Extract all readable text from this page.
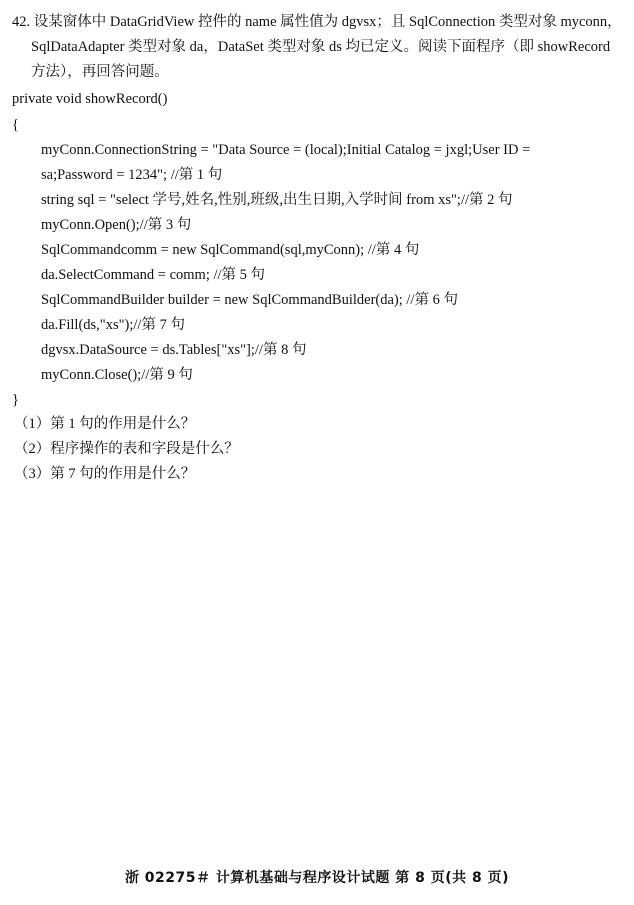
42. 设某窗体中 DataGridView 控件的 name 属性值为 dgvsx；且 SqlConnection 类型对象 myconn，
SqlDataAdapter 类型对象 da，DataSet 类型对象 ds 均已定义。阅读下面程序（即 showRecord
方法），再回答问题。
private void showRecord()
{
myConn.ConnectionString = "Data Source = (local);Initial Catalog = jxgl;User ID =
sa;Password = 1234"; //第 1 句
string sql = "select 学号,姓名,性别,班级,出生日期,入学时间 from xs";//第 2 句
myConn.Open();//第 3 句
SqlCommandcomm = new SqlCommand(sql,myConn); //第 4 句
da.SelectCommand = comm; //第 5 句
SqlCommandBuilder builder = new SqlCommandBuilder(da); //第 6 句
da.Fill(ds,"xs");//第 7 句
dgvsx.DataSource = ds.Tables["xs"];//第 8 句
myConn.Close();//第 9 句
}
（1）第 1 句的作用是什么？
（2）程序操作的表和字段是什么？
（3）第 7 句的作用是什么？
浙 02275＃ 计算机基础与程序设计试题 第 8 页(共 8 页)
